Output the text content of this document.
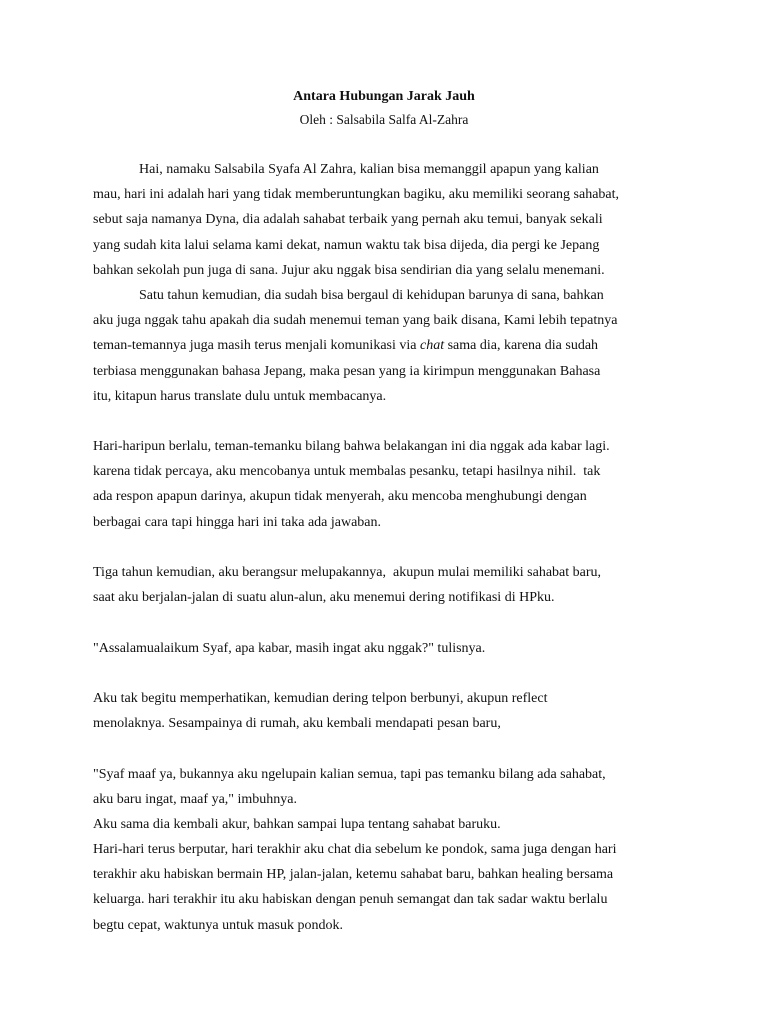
Antara Hubungan Jarak Jauh
Oleh : Salsabila Salfa Al-Zahra
Hai, namaku Salsabila Syafa Al Zahra, kalian bisa memanggil apapun yang kalian
mau, hari ini adalah hari yang tidak memberuntungkan bagiku, aku memiliki seorang sahabat,
sebut saja namanya Dyna, dia adalah sahabat terbaik yang pernah aku temui, banyak sekali
yang sudah kita lalui selama kami dekat, namun waktu tak bisa dijeda, dia pergi ke Jepang
bahkan sekolah pun juga di sana. Jujur aku nggak bisa sendirian dia yang selalu menemani.
Satu tahun kemudian, dia sudah bisa bergaul di kehidupan barunya di sana, bahkan
aku juga nggak tahu apakah dia sudah menemui teman yang baik disana, Kami lebih tepatnya
teman-temannya juga masih terus menjali komunikasi via chat sama dia, karena dia sudah
terbiasa menggunakan bahasa Jepang, maka pesan yang ia kirimpun menggunakan Bahasa
itu, kitapun harus translate dulu untuk membacanya.
Hari-haripun berlalu, teman-temanku bilang bahwa belakangan ini dia nggak ada kabar lagi.
karena tidak percaya, aku mencobanya untuk membalas pesanku, tetapi hasilnya nihil.  tak
ada respon apapun darinya, akupun tidak menyerah, aku mencoba menghubungi dengan
berbagai cara tapi hingga hari ini taka ada jawaban.
Tiga tahun kemudian, aku berangsur melupakannya,  akupun mulai memiliki sahabat baru,
saat aku berjalan-jalan di suatu alun-alun, aku menemui dering notifikasi di HPku.
"Assalamualaikum Syaf, apa kabar, masih ingat aku nggak?" tulisnya.
Aku tak begitu memperhatikan, kemudian dering telpon berbunyi, akupun reflect
menolaknya. Sesampainya di rumah, aku kembali mendapati pesan baru,
"Syaf maaf ya, bukannya aku ngelupain kalian semua, tapi pas temanku bilang ada sahabat,
aku baru ingat, maaf ya," imbuhnya.
Aku sama dia kembali akur, bahkan sampai lupa tentang sahabat baruku.
Hari-hari terus berputar, hari terakhir aku chat dia sebelum ke pondok, sama juga dengan hari
terakhir aku habiskan bermain HP, jalan-jalan, ketemu sahabat baru, bahkan healing bersama
keluarga. hari terakhir itu aku habiskan dengan penuh semangat dan tak sadar waktu berlalu
begtu cepat, waktunya untuk masuk pondok.
